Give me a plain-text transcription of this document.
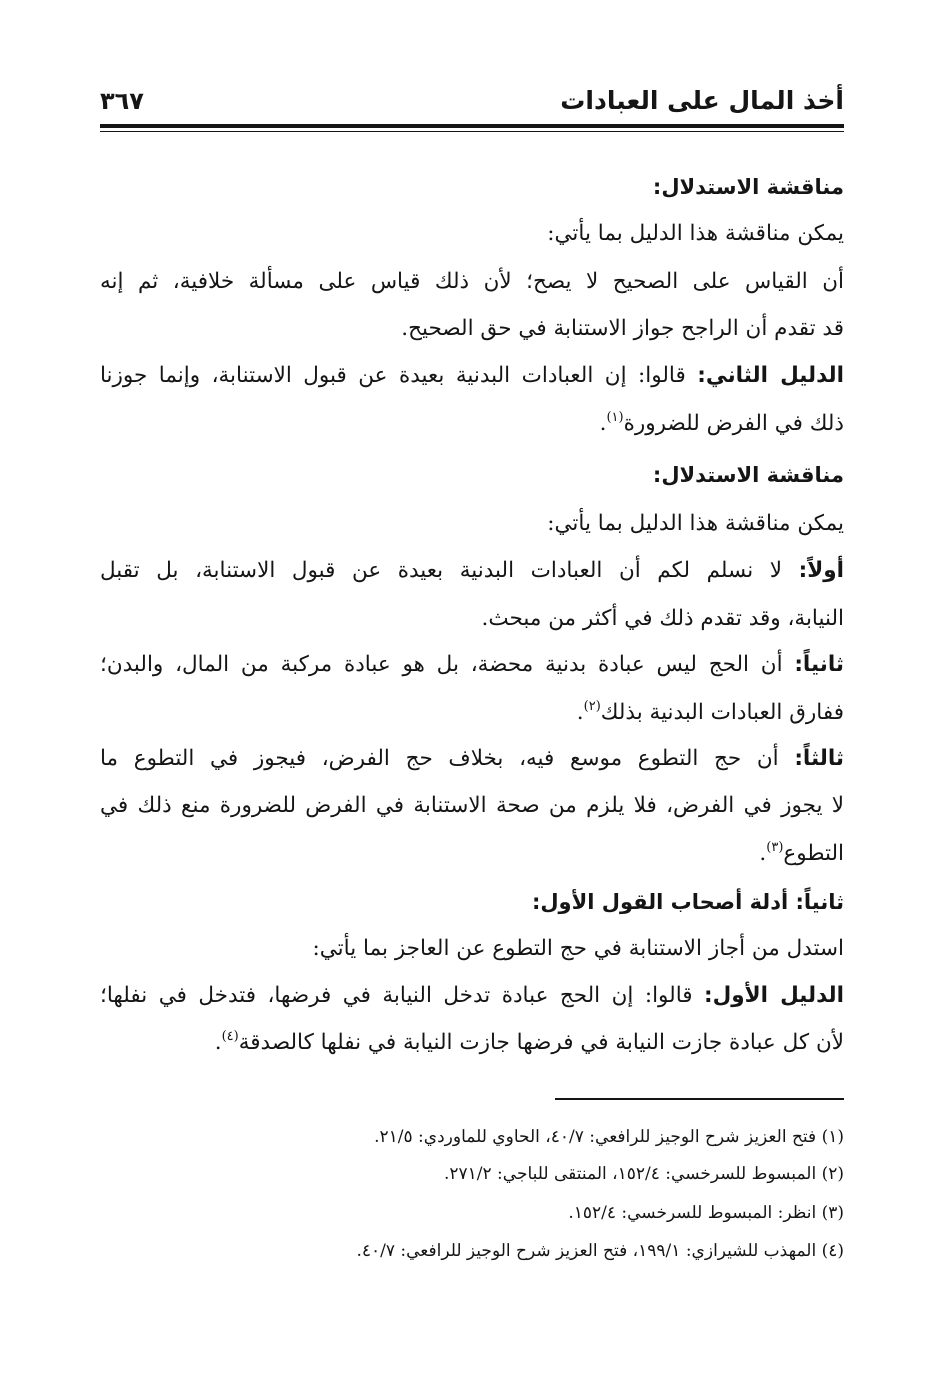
أخذ المال على العبادات
٣٦٧
مناقشة الاستدلال:
يمكن مناقشة هذا الدليل بما يأتي:
أن القياس على الصحيح لا يصح؛ لأن ذلك قياس على مسألة خلافية، ثم إنه
قد تقدم أن الراجح جواز الاستنابة في حق الصحيح.
الدليل الثاني: قالوا: إن العبادات البدنية بعيدة عن قبول الاستنابة، وإنما جوزنا
ذلك في الفرض للضرورة$^{(١)}$.
مناقشة الاستدلال:
يمكن مناقشة هذا الدليل بما يأتي:
أولاً: لا نسلم لكم أن العبادات البدنية بعيدة عن قبول الاستنابة، بل تقبل
النيابة، وقد تقدم ذلك في أكثر من مبحث.
ثانياً: أن الحج ليس عبادة بدنية محضة، بل هو عبادة مركبة من المال، والبدن؛
ففارق العبادات البدنية بذلك$^{(٢)}$.
ثالثاً: أن حج التطوع موسع فيه، بخلاف حج الفرض، فيجوز في التطوع ما
لا يجوز في الفرض، فلا يلزم من صحة الاستنابة في الفرض للضرورة منع ذلك في
التطوع$^{(٣)}$.
ثانياً: أدلة أصحاب القول الأول:
استدل من أجاز الاستنابة في حج التطوع عن العاجز بما يأتي:
الدليل الأول: قالوا: إن الحج عبادة تدخل النيابة في فرضها، فتدخل في نفلها؛
لأن كل عبادة جازت النيابة في فرضها جازت النيابة في نفلها كالصدقة$^{(٤)}$.
(١) فتح العزيز شرح الوجيز للرافعي: ٤٠/٧، الحاوي للماوردي: ٢١/٥.
(٢) المبسوط للسرخسي: ١٥٢/٤، المنتقى للباجي: ٢٧١/٢.
(٣) انظر: المبسوط للسرخسي: ١٥٢/٤.
(٤) المهذب للشيرازي: ١٩٩/١، فتح العزيز شرح الوجيز للرافعي: ٤٠/٧.
